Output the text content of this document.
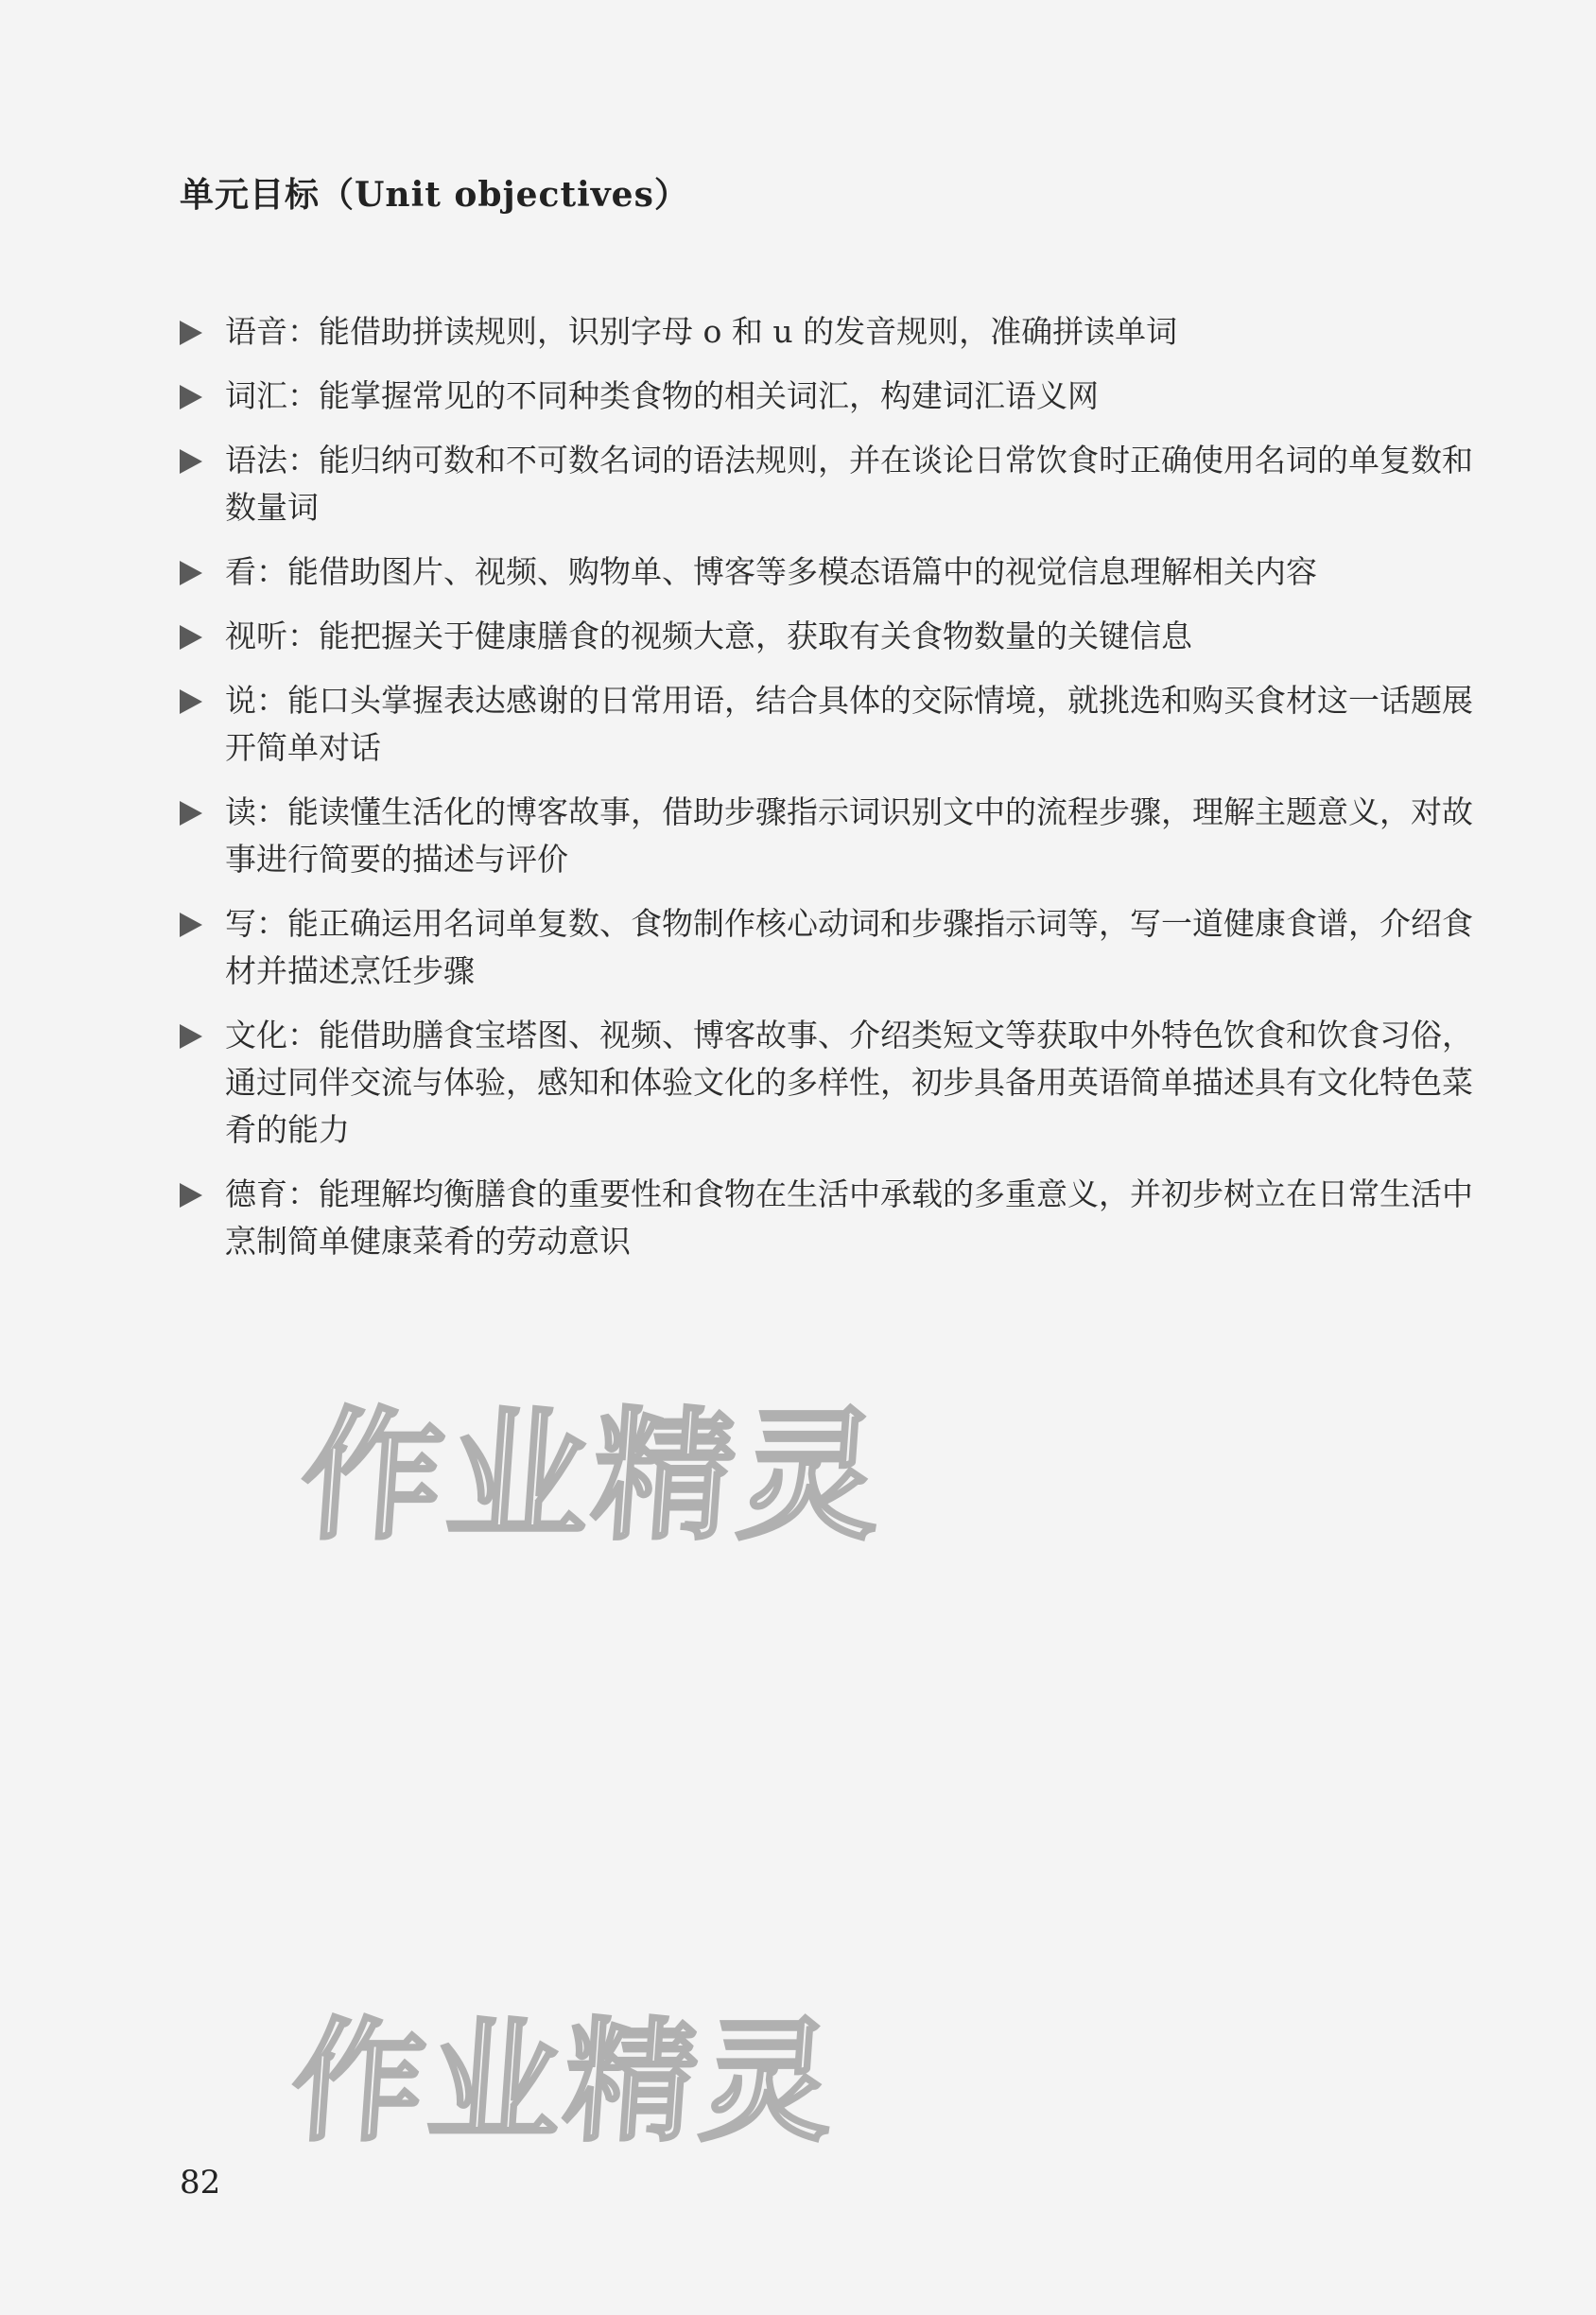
单元目标（Unit objectives）
语音：能借助拼读规则，识别字母 o 和 u 的发音规则，准确拼读单词
词汇：能掌握常见的不同种类食物的相关词汇，构建词汇语义网
语法：能归纳可数和不可数名词的语法规则，并在谈论日常饮食时正确使用名词的单复数和数量词
看：能借助图片、视频、购物单、博客等多模态语篇中的视觉信息理解相关内容
视听：能把握关于健康膳食的视频大意，获取有关食物数量的关键信息
说：能口头掌握表达感谢的日常用语，结合具体的交际情境，就挑选和购买食材这一话题展开简单对话
读：能读懂生活化的博客故事，借助步骤指示词识别文中的流程步骤，理解主题意义，对故事进行简要的描述与评价
写：能正确运用名词单复数、食物制作核心动词和步骤指示词等，写一道健康食谱，介绍食材并描述烹饪步骤
文化：能借助膳食宝塔图、视频、博客故事、介绍类短文等获取中外特色饮食和饮食习俗，通过同伴交流与体验，感知和体验文化的多样性，初步具备用英语简单描述具有文化特色菜肴的能力
德育：能理解均衡膳食的重要性和食物在生活中承载的多重意义，并初步树立在日常生活中烹制简单健康菜肴的劳动意识
作业精灵
作业精灵
82
